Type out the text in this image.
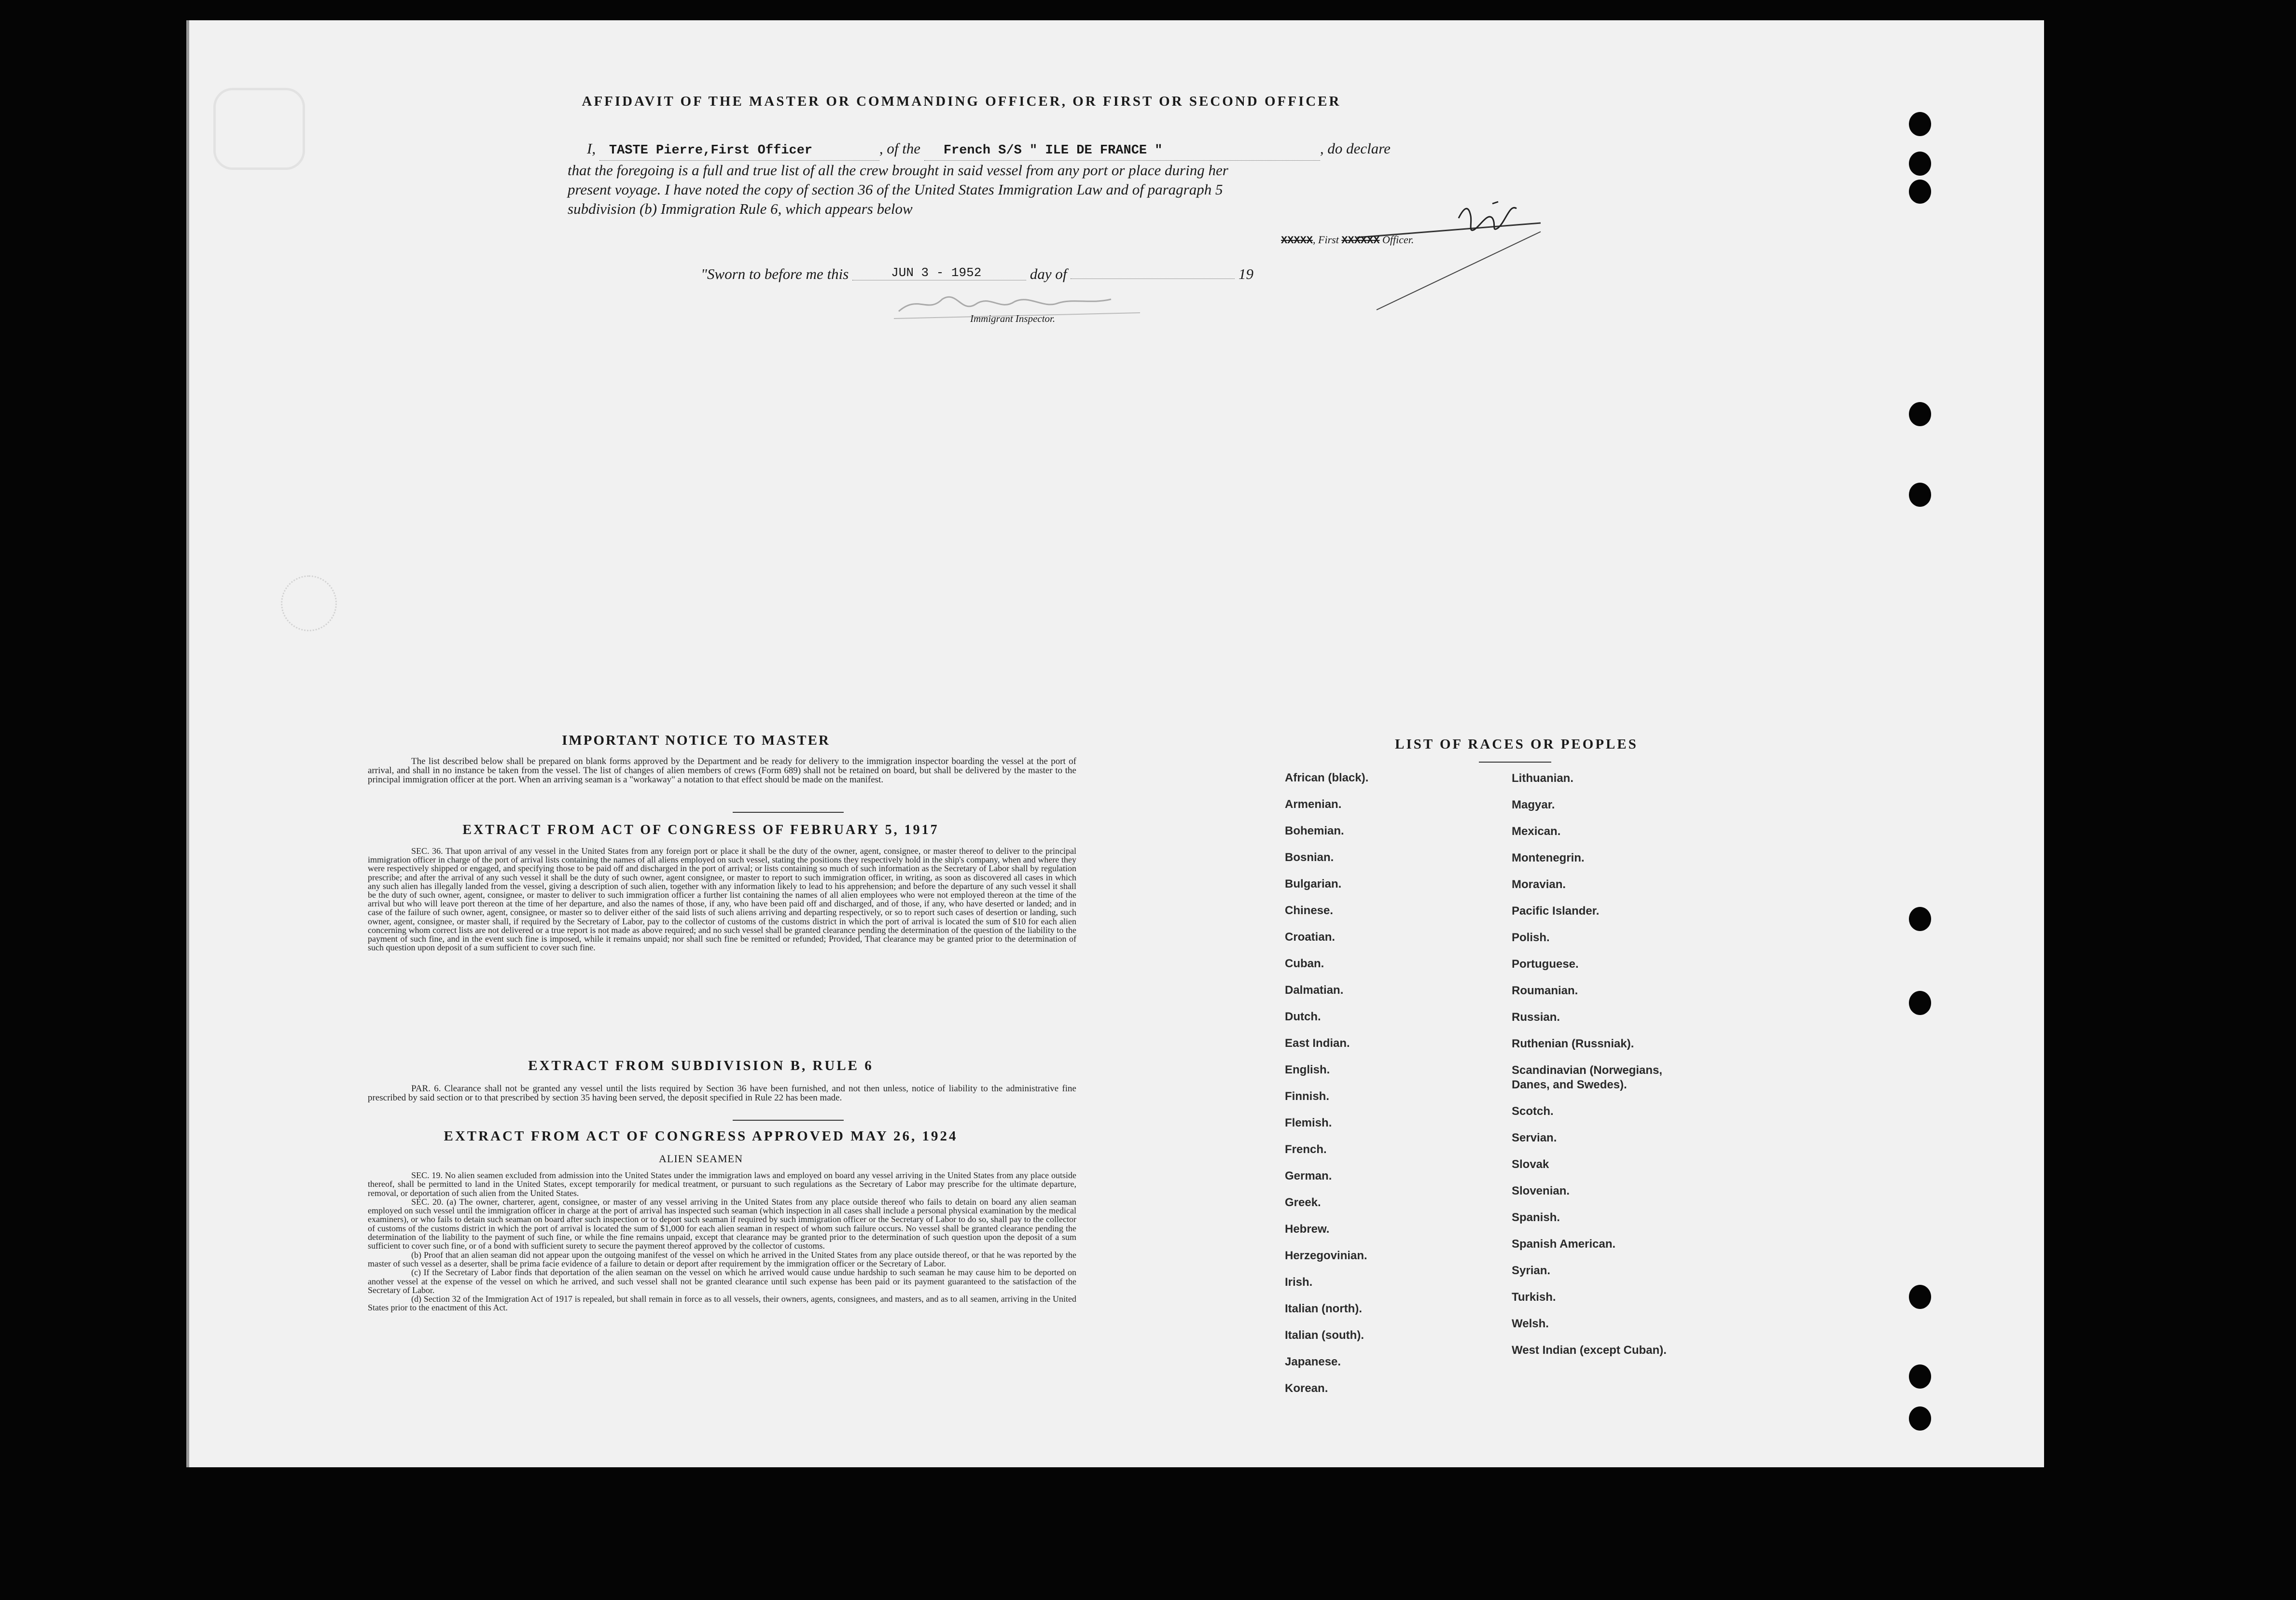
AFFIDAVIT OF THE MASTER OR COMMANDING OFFICER, OR FIRST OR SECOND OFFICER
I, TASTE Pierre,First Officer	, of the French S/S " ILE DE FRANCE "	, do declare
that the foregoing is a full and true list of all the crew brought in said vessel from any port or place during her
present voyage. I have noted the copy of section 36 of the United States Immigration Law and of paragraph 5
subdivision (b) Immigration Rule 6, which appears below
XXXXX, First XXXXXX Officer.
"Sworn to before me this	JUN 3 - 1952	day of	19
Immigrant Inspector.
IMPORTANT NOTICE TO MASTER
The list described below shall be prepared on blank forms approved by the Department and be ready for delivery to the immigration inspector boarding the vessel at the port of arrival, and shall in no instance be taken from the vessel. The list of changes of alien members of crews (Form 689) shall not be retained on board, but shall be delivered by the master to the principal immigration officer at the port. When an arriving seaman is a "workaway" a notation to that effect should be made on the manifest.
EXTRACT FROM ACT OF CONGRESS OF FEBRUARY 5, 1917
SEC. 36. That upon arrival of any vessel in the United States from any foreign port or place it shall be the duty of the owner, agent, consignee, or master thereof to deliver to the principal immigration officer in charge of the port of arrival lists containing the names of all aliens employed on such vessel, stating the positions they respectively hold in the ship's company, when and where they were respectively shipped or engaged, and specifying those to be paid off and discharged in the port of arrival; or lists containing so much of such information as the Secretary of Labor shall by regulation prescribe; and after the arrival of any such vessel it shall be the duty of such owner, agent consignee, or master to report to such immigration officer, in writing, as soon as discovered all cases in which any such alien has illegally landed from the vessel, giving a description of such alien, together with any information likely to lead to his apprehension; and before the departure of any such vessel it shall be the duty of such owner, agent, consignee, or master to deliver to such immigration officer a further list containing the names of all alien employees who were not employed thereon at the time of the arrival but who will leave port thereon at the time of her departure, and also the names of those, if any, who have been paid off and discharged, and of those, if any, who have deserted or landed; and in case of the failure of such owner, agent, consignee, or master so to deliver either of the said lists of such aliens arriving and departing respectively, or so to report such cases of desertion or landing, such owner, agent, consignee, or master shall, if required by the Secretary of Labor, pay to the collector of customs of the customs district in which the port of arrival is located the sum of $10 for each alien concerning whom correct lists are not delivered or a true report is not made as above required; and no such vessel shall be granted clearance pending the determination of the question of the liability to the payment of such fine, and in the event such fine is imposed, while it remains unpaid; nor shall such fine be remitted or refunded; Provided, That clearance may be granted prior to the determination of such question upon deposit of a sum sufficient to cover such fine.
EXTRACT FROM SUBDIVISION B, RULE 6
PAR. 6. Clearance shall not be granted any vessel until the lists required by Section 36 have been furnished, and not then unless, notice of liability to the administrative fine prescribed by said section or to that prescribed by section 35 having been served, the deposit specified in Rule 22 has been made.
EXTRACT FROM ACT OF CONGRESS APPROVED MAY 26, 1924
ALIEN SEAMEN
SEC. 19. No alien seamen excluded from admission into the United States under the immigration laws and employed on board any vessel arriving in the United States from any place outside thereof, shall be permitted to land in the United States, except temporarily for medical treatment, or pursuant to such regulations as the Secretary of Labor may prescribe for the ultimate departure, removal, or deportation of such alien from the United States.
SEC. 20. (a) The owner, charterer, agent, consignee, or master of any vessel arriving in the United States from any place outside thereof who fails to detain on board any alien seaman employed on such vessel until the immigration officer in charge at the port of arrival has inspected such seaman (which inspection in all cases shall include a personal physical examination by the medical examiners), or who fails to detain such seaman on board after such inspection or to deport such seaman if required by such immigration officer or the Secretary of Labor to do so, shall pay to the collector of customs of the customs district in which the port of arrival is located the sum of $1,000 for each alien seaman in respect of whom such failure occurs. No vessel shall be granted clearance pending the determination of the liability to the payment of such fine, or while the fine remains unpaid, except that clearance may be granted prior to the determination of such question upon the deposit of a sum sufficient to cover such fine, or of a bond with sufficient surety to secure the payment thereof approved by the collector of customs.
(b) Proof that an alien seaman did not appear upon the outgoing manifest of the vessel on which he arrived in the United States from any place outside thereof, or that he was reported by the master of such vessel as a deserter, shall be prima facie evidence of a failure to detain or deport after requirement by the immigration officer or the Secretary of Labor.
(c) If the Secretary of Labor finds that deportation of the alien seaman on the vessel on which he arrived would cause undue hardship to such seaman he may cause him to be deported on another vessel at the expense of the vessel on which he arrived, and such vessel shall not be granted clearance until such expense has been paid or its payment guaranteed to the satisfaction of the Secretary of Labor.
(d) Section 32 of the Immigration Act of 1917 is repealed, but shall remain in force as to all vessels, their owners, agents, consignees, and masters, and as to all seamen, arriving in the United States prior to the enactment of this Act.
LIST OF RACES OR PEOPLES
African (black).
Armenian.
Bohemian.
Bosnian.
Bulgarian.
Chinese.
Croatian.
Cuban.
Dalmatian.
Dutch.
East Indian.
English.
Finnish.
Flemish.
French.
German.
Greek.
Hebrew.
Herzegovinian.
Irish.
Italian (north).
Italian (south).
Japanese.
Korean.
Lithuanian.
Magyar.
Mexican.
Montenegrin.
Moravian.
Pacific Islander.
Polish.
Portuguese.
Roumanian.
Russian.
Ruthenian (Russniak).
Scandinavian (Norwegians, Danes, and Swedes).
Scotch.
Servian.
Slovak
Slovenian.
Spanish.
Spanish American.
Syrian.
Turkish.
Welsh.
West Indian (except Cuban).
